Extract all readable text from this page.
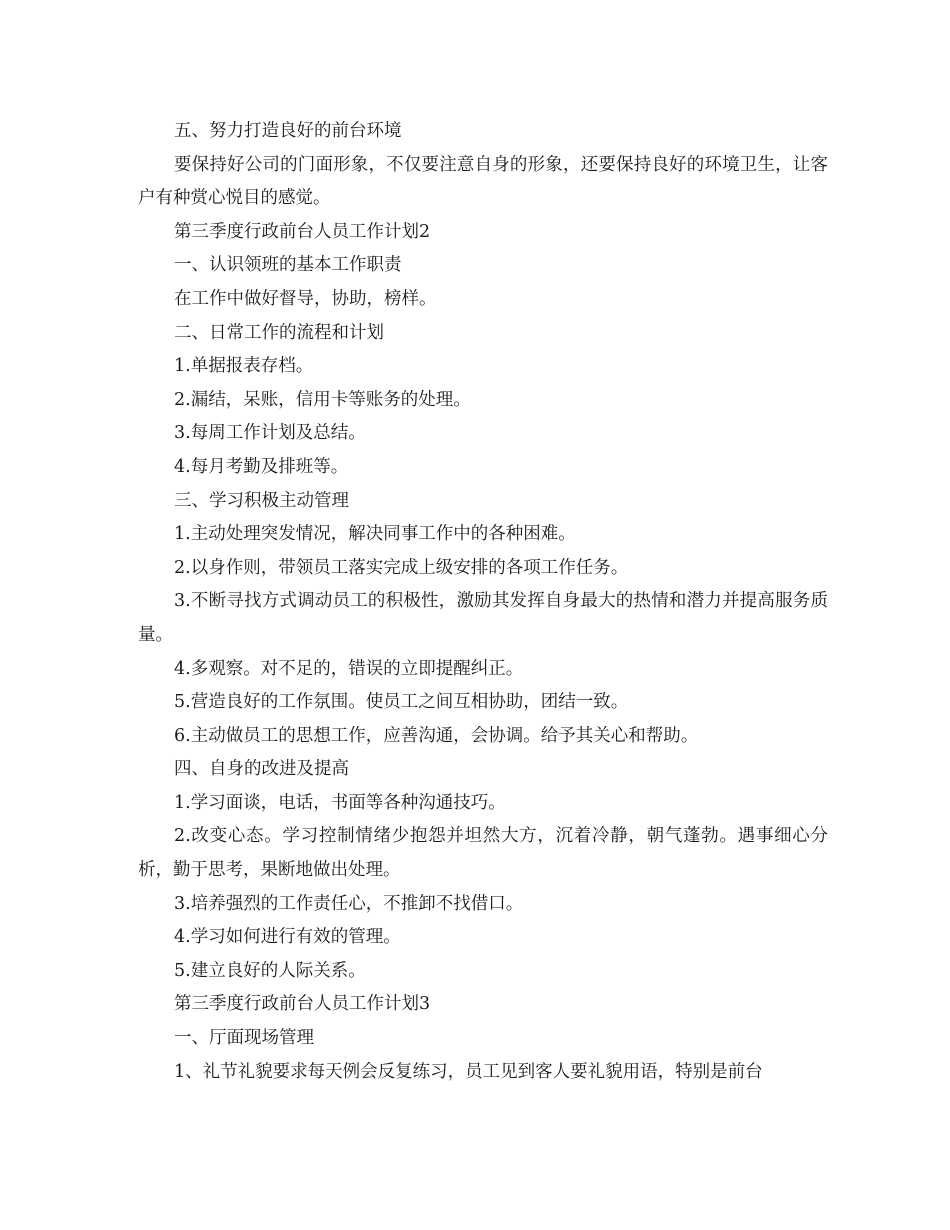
五、努力打造良好的前台环境

要保持好公司的门面形象，不仅要注意自身的形象，还要保持良好的环境卫生，让客户有种赏心悦目的感觉。

第三季度行政前台人员工作计划2

一、认识领班的基本工作职责

在工作中做好督导，协助，榜样。

二、日常工作的流程和计划

1.单据报表存档。

2.漏结，呆账，信用卡等账务的处理。

3.每周工作计划及总结。

4.每月考勤及排班等。

三、学习积极主动管理

1.主动处理突发情况，解决同事工作中的各种困难。

2.以身作则，带领员工落实完成上级安排的各项工作任务。

3.不断寻找方式调动员工的积极性，激励其发挥自身最大的热情和潜力并提高服务质量。

4.多观察。对不足的，错误的立即提醒纠正。

5.营造良好的工作氛围。使员工之间互相协助，团结一致。

6.主动做员工的思想工作，应善沟通，会协调。给予其关心和帮助。

四、自身的改进及提高

1.学习面谈，电话，书面等各种沟通技巧。

2.改变心态。学习控制情绪少抱怨并坦然大方，沉着冷静，朝气蓬勃。遇事细心分析，勤于思考，果断地做出处理。

3.培养强烈的工作责任心，不推卸不找借口。

4.学习如何进行有效的管理。

5.建立良好的人际关系。

第三季度行政前台人员工作计划3

一、厅面现场管理

1、礼节礼貌要求每天例会反复练习，员工见到客人要礼貌用语，特别是前台
